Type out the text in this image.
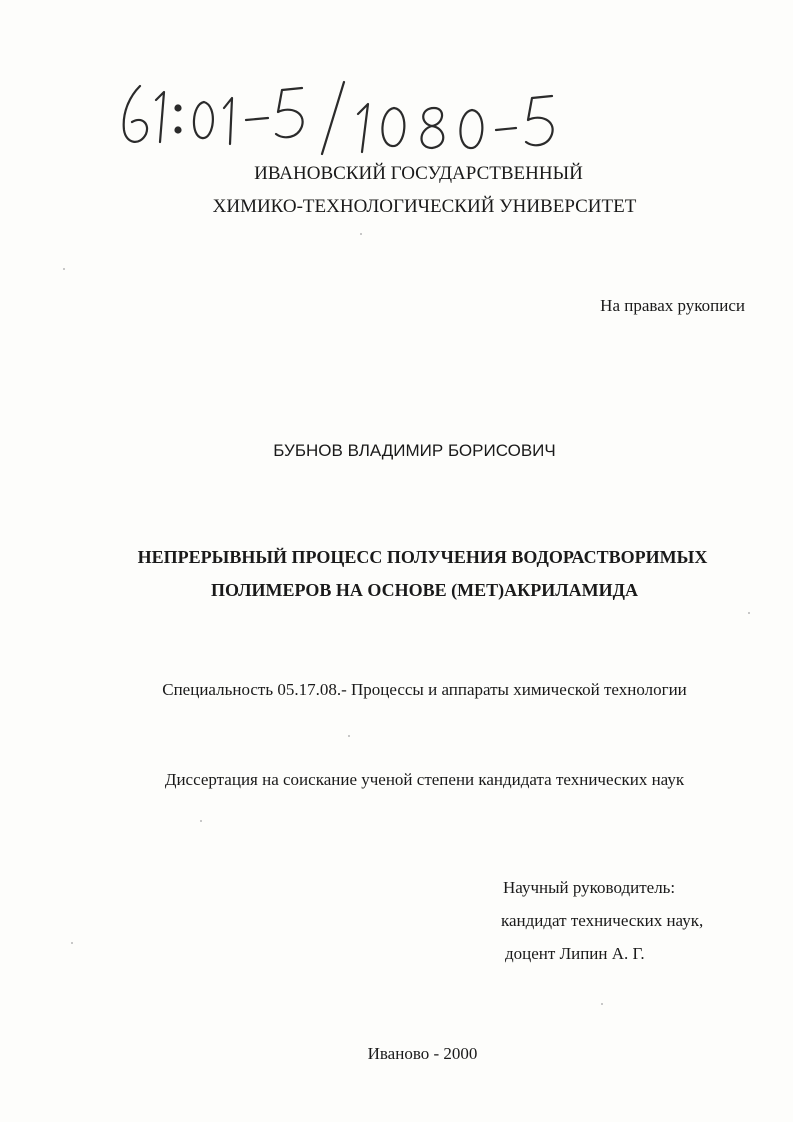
ИВАНОВСКИЙ ГОСУДАРСТВЕННЫЙ
ХИМИКО-ТЕХНОЛОГИЧЕСКИЙ УНИВЕРСИТЕТ
На правах рукописи
БУБНОВ ВЛАДИМИР БОРИСОВИЧ
НЕПРЕРЫВНЫЙ ПРОЦЕСС ПОЛУЧЕНИЯ ВОДОРАСТВОРИМЫХ
ПОЛИМЕРОВ НА ОСНОВЕ (МЕТ)АКРИЛАМИДА
Специальность 05.17.08.- Процессы и аппараты химической технологии
Диссертация на соискание ученой степени кандидата технических наук
Научный руководитель:
кандидат технических наук,
доцент Липин А. Г.
Иваново - 2000
